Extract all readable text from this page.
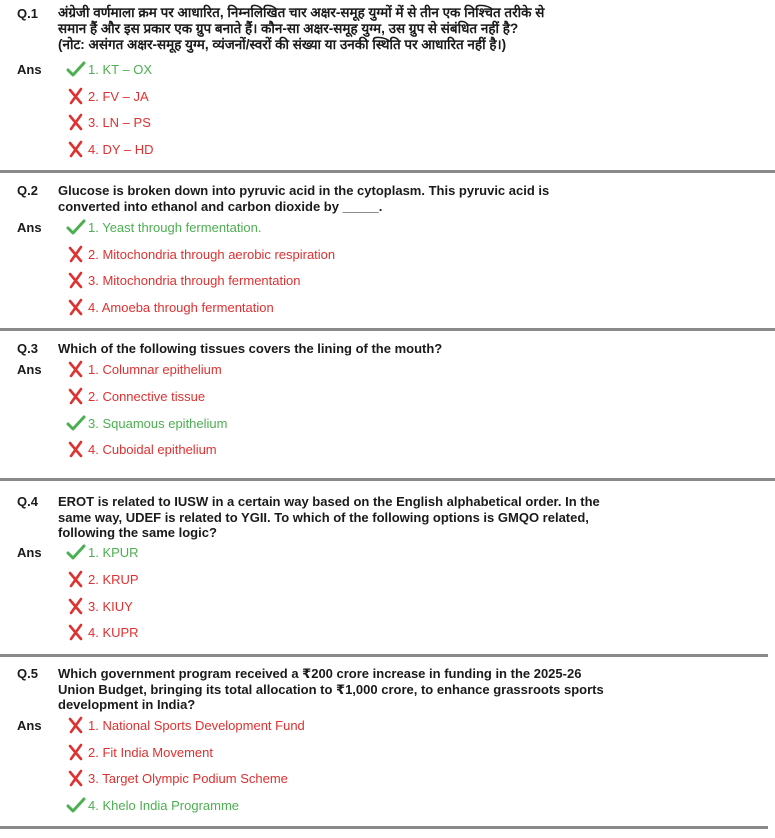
Q.1 अंग्रेजी वर्णमाला क्रम पर आधारित, निम्नलिखित चार अक्षर-समूह युग्मों में से तीन एक निश्चित तरीके से
समान हैं और इस प्रकार एक ग्रुप बनाते हैं। कौन-सा अक्षर-समूह युग्म, उस ग्रुप से संबंधित नहीं है?
(नोट: असंगत अक्षर-समूह युग्म, व्यंजनों/स्वरों की संख्या या उनकी स्थिति पर आधारित नहीं है।)
Ans	1. KT – OX
2. FV – JA
3. LN – PS
4. DY – HD
Q.2 Glucose is broken down into pyruvic acid in the cytoplasm. This pyruvic acid is
converted into ethanol and carbon dioxide by _____.
Ans	1. Yeast through fermentation.
2. Mitochondria through aerobic respiration
3. Mitochondria through fermentation
4. Amoeba through fermentation
Q.3 Which of the following tissues covers the lining of the mouth?
Ans	1. Columnar epithelium
2. Connective tissue
3. Squamous epithelium
4. Cuboidal epithelium
Q.4 EROT is related to IUSW in a certain way based on the English alphabetical order. In the
same way, UDEF is related to YGII. To which of the following options is GMQO related,
following the same logic?
Ans	1. KPUR
2. KRUP
3. KIUY
4. KUPR
Q.5 Which government program received a ₹200 crore increase in funding in the 2025-26
Union Budget, bringing its total allocation to ₹1,000 crore, to enhance grassroots sports
development in India?
Ans	1. National Sports Development Fund
2. Fit India Movement
3. Target Olympic Podium Scheme
4. Khelo India Programme
